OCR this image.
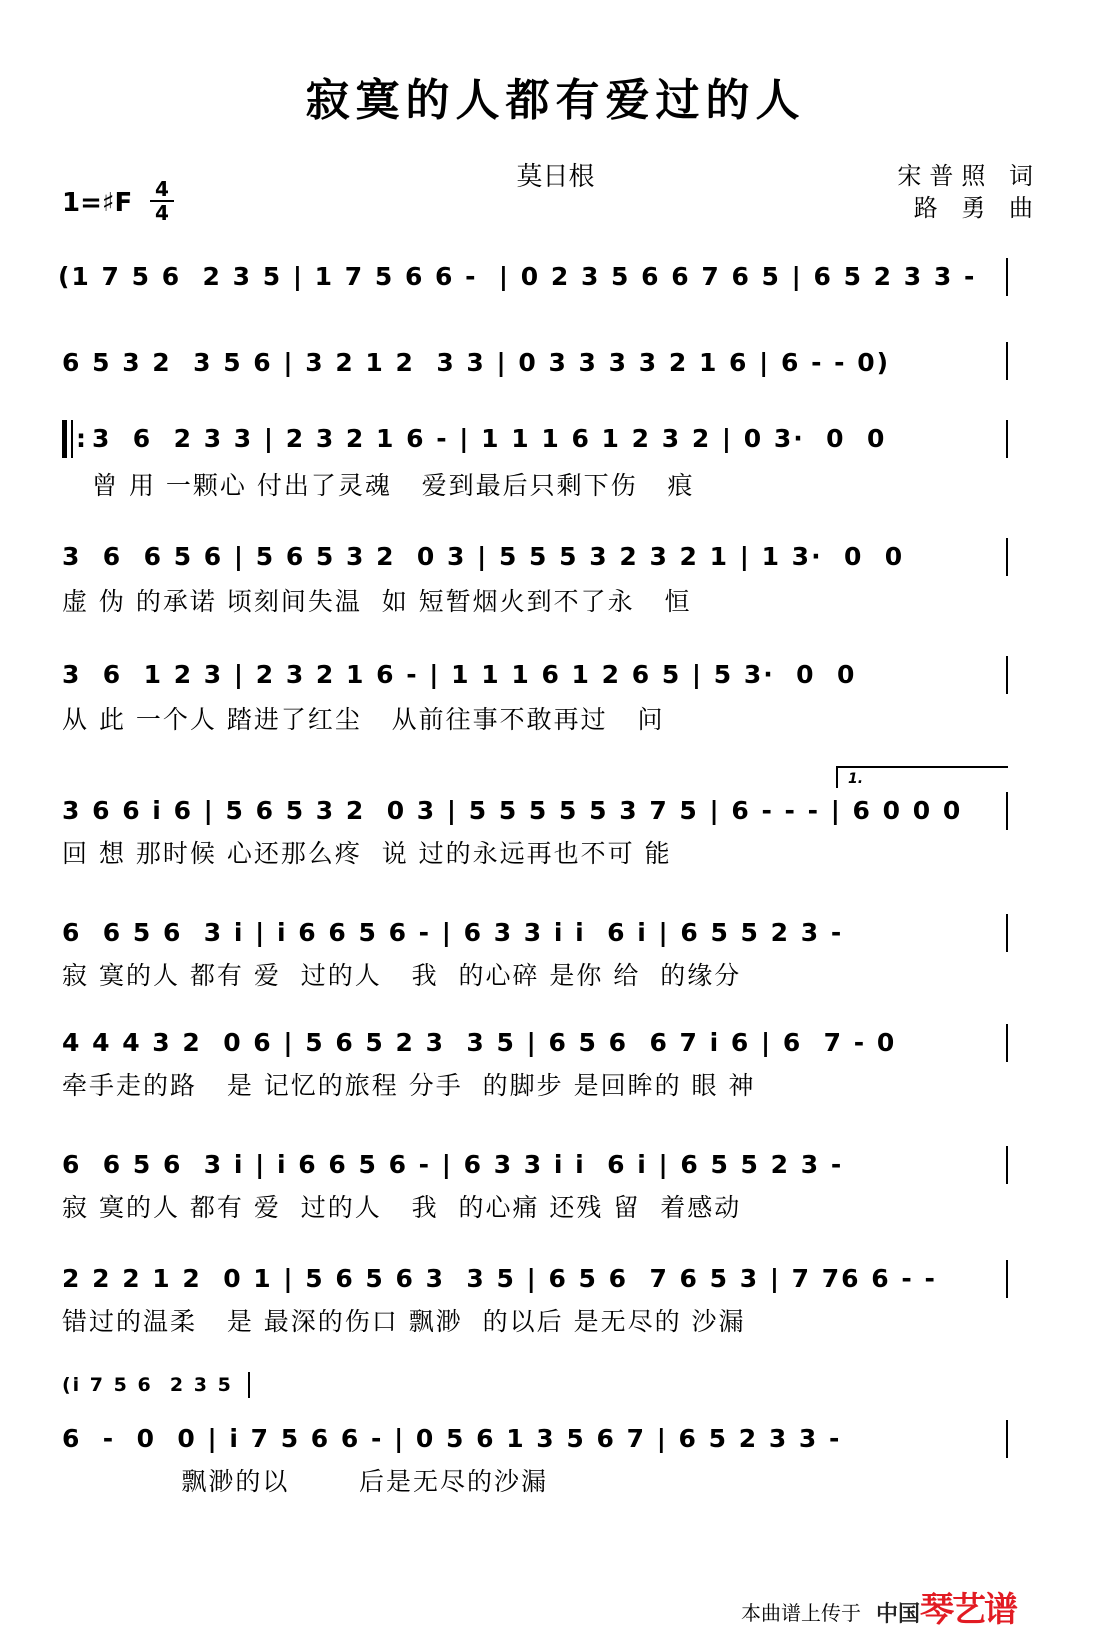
寂寞的人都有爱过的人
莫日根	宋普照 词
路 勇 曲
1=♯F 4
4
(1 7 5 6  2 3 5 | 1 7 5 6 6 -  | 0 2 3 5 6 6 7 6 5 | 6 5 2 3 3 -
6 5 3 2  3 5 6 | 3 2 1 2  3 3 | 0 3 3 3 3 2 1 6 | 6 - - 0)
3  6  2 3 3 | 2 3 2 1 6 - | 1 1 1 6 1 2 3 2 | 0 3·  0  0
曾 用 一颗心 付出了灵魂   爱到最后只剩下伤   痕
3  6  6 5 6 | 5 6 5 3 2  0 3 | 5 5 5 3 2 3 2 1 | 1 3·  0  0
虚 伪 的承诺 顷刻间失温  如 短暂烟火到不了永   恒
3  6  1 2 3 | 2 3 2 1 6 - | 1 1 1 6 1 2 6 5 | 5 3·  0  0
从 此 一个人 踏进了红尘   从前往事不敢再过   问
1.
3 6 6 i 6 | 5 6 5 3 2  0 3 | 5 5 5 5 5 3 7 5 | 6 - - - | 6 0 0 0
回 想 那时候 心还那么疼  说 过的永远再也不可 能
6  6 5 6  3 i | i 6 6 5 6 - | 6 3 3 i i  6 i | 6 5 5 2 3 -
寂 寞的人 都有 爱  过的人   我  的心碎 是你 给  的缘分
4 4 4 3 2  0 6 | 5 6 5 2 3  3 5 | 6 5 6  6 7 i 6 | 6  7 - 0
牵手走的路   是 记忆的旅程 分手  的脚步 是回眸的 眼 神
6  6 5 6  3 i | i 6 6 5 6 - | 6 3 3 i i  6 i | 6 5 5 2 3 -
寂 寞的人 都有 爱  过的人   我  的心痛 还残 留  着感动
2 2 2 1 2  0 1 | 5 6 5 6 3  3 5 | 6 5 6  7 6 5 3 | 7 76 6 - -
错过的温柔   是 最深的伤口 飘渺  的以后 是无尽的 沙漏
(i 7 5 6  2 3 5
6  -  0  0 | i 7 5 6 6 - | 0 5 6 1 3 5 6 7 | 6 5 2 3 3 -
飘渺的以       后是无尽的沙漏
:
本曲谱上传于 中国琴艺谱
